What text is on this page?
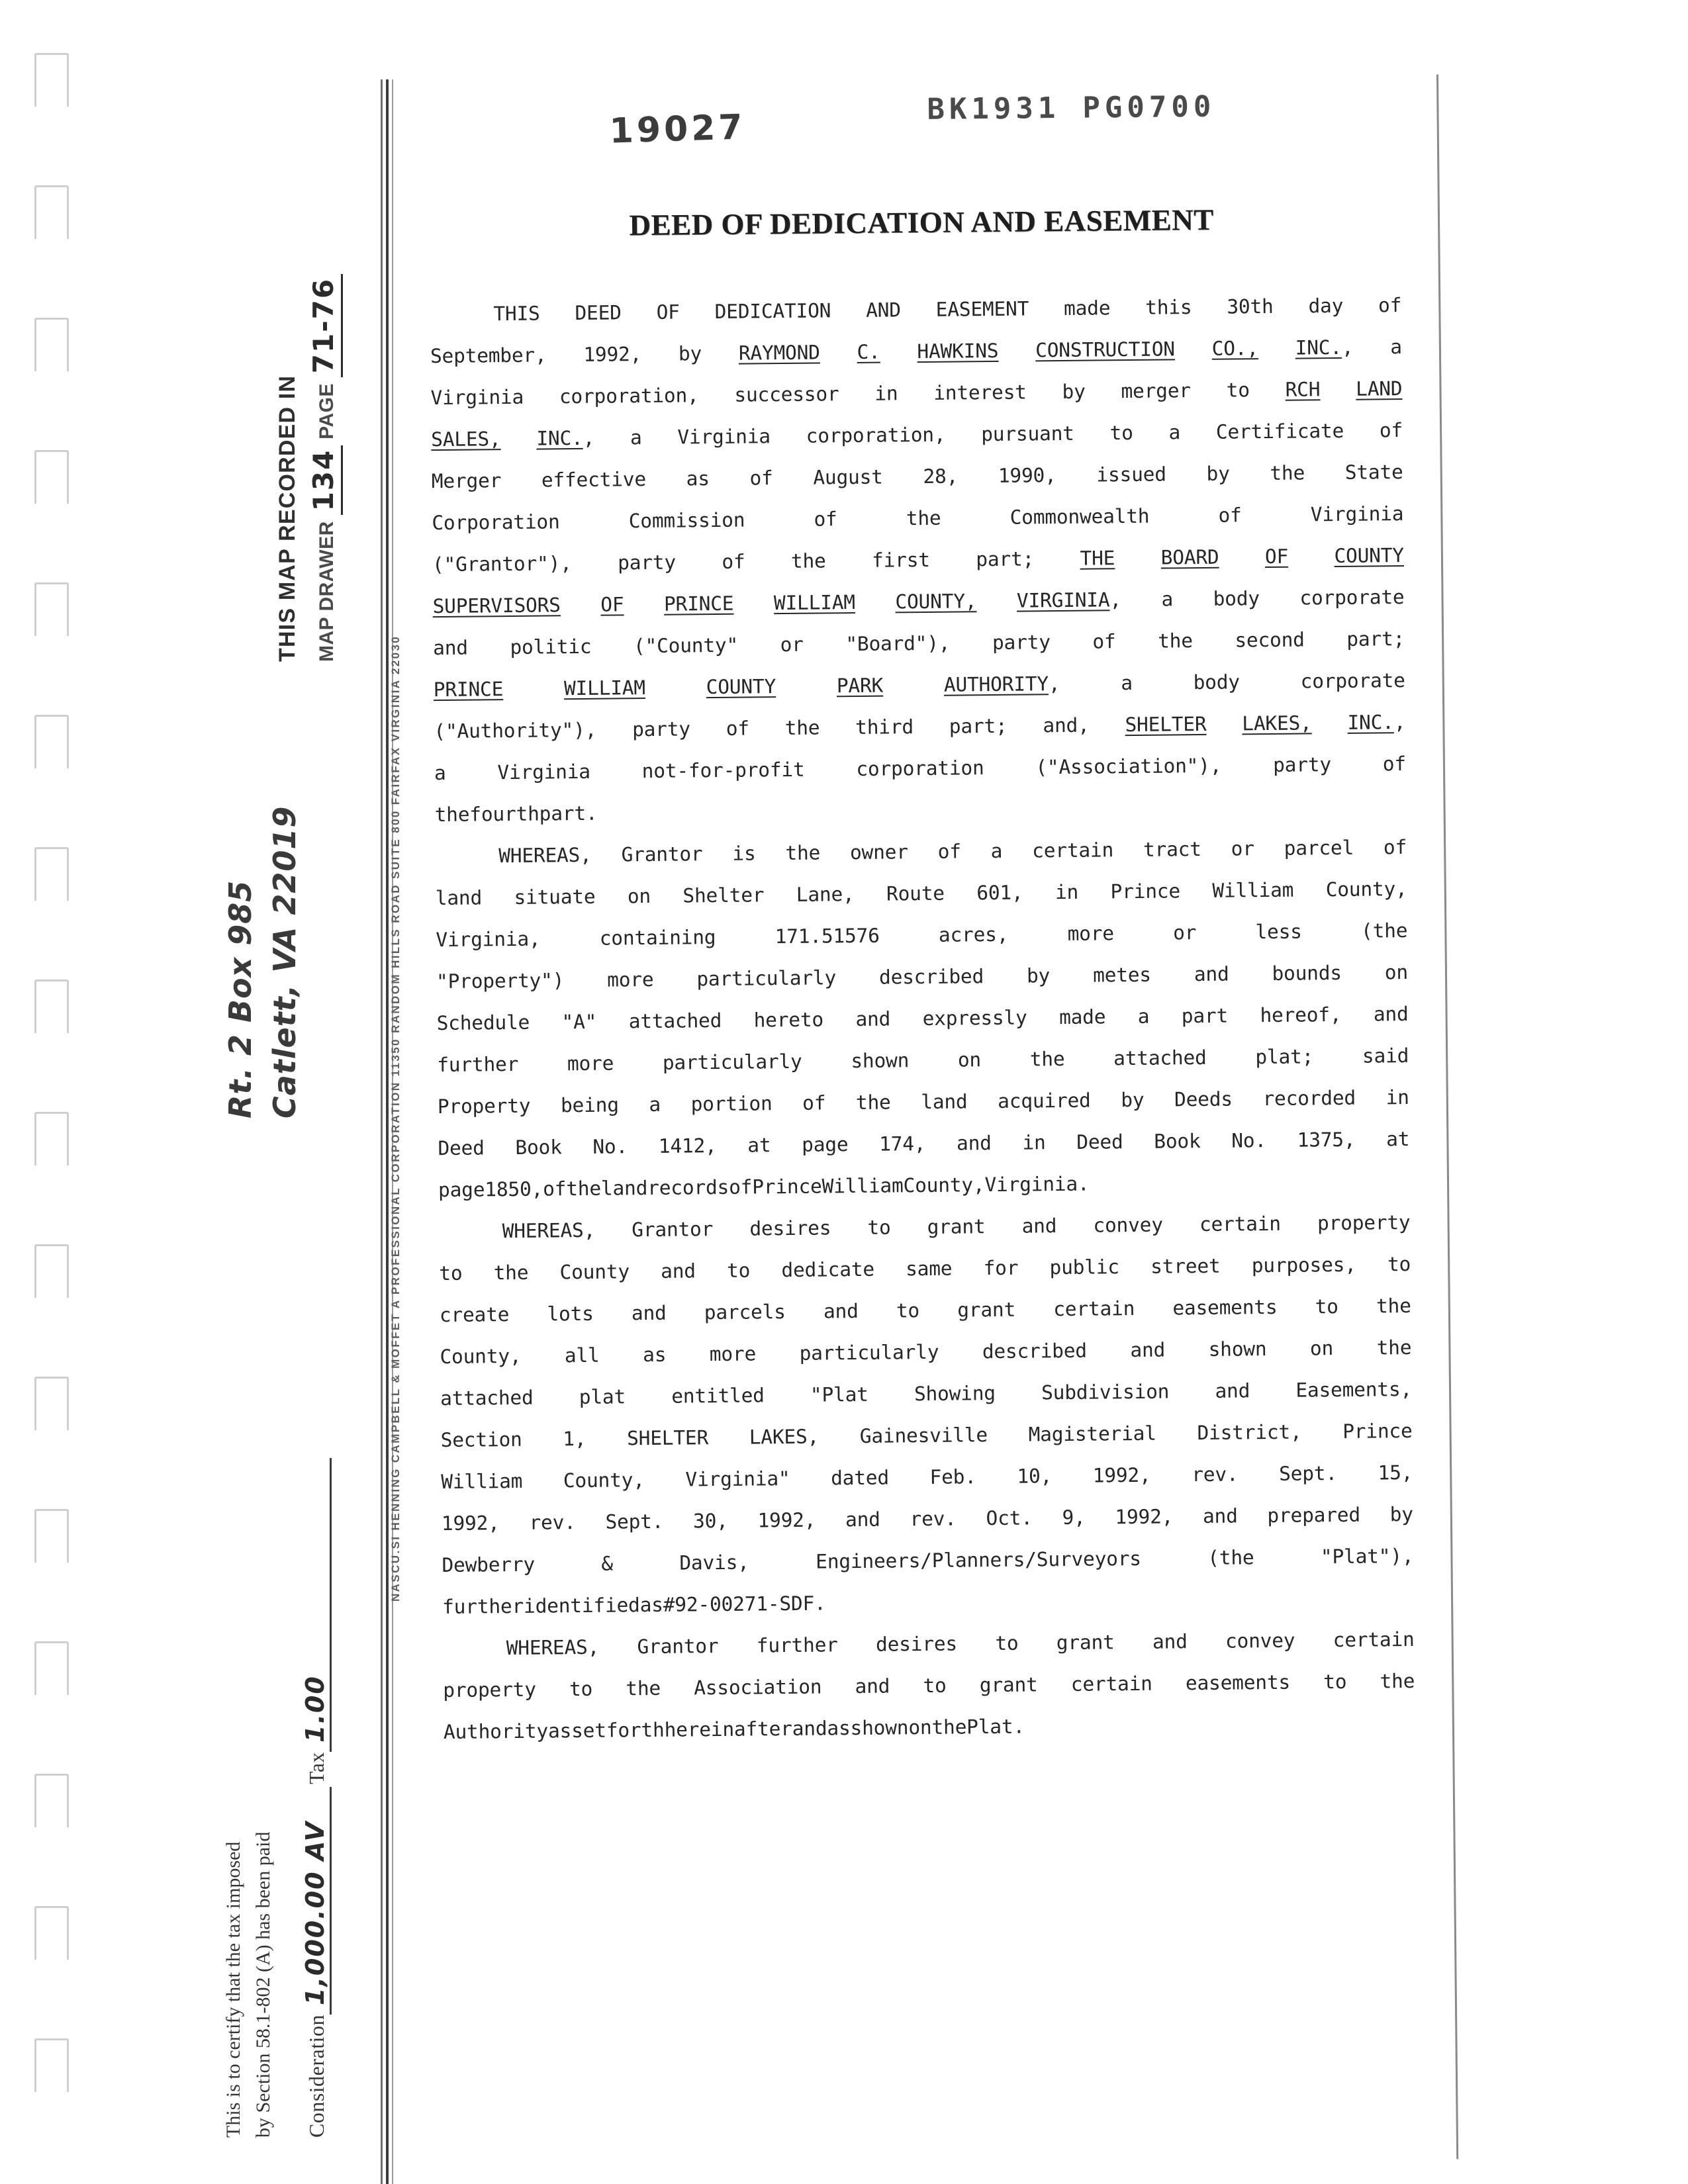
THIS MAP RECORDED IN MAP DRAWER 134 PAGE 71-76
Rt. 2 Box 985 Catlett, VA 22019	NASCU.SI HENNING CAMPBELL & MOFFET A PROFESSIONAL CORPORATION 11350 RANDOM HILLS ROAD SUITE 800 FAIRFAX VIRGINIA 22030
This is to certify that the tax imposed by Section 58.1-802 (A) has been paid Consideration1,000.00 AV Tax1.00
19027	BK1931 PG0700
DEED OF DEDICATION AND EASEMENT
THIS DEED OF DEDICATION AND EASEMENT made this 30th day of
September, 1992, by RAYMOND C. HAWKINS CONSTRUCTION CO., INC., a
Virginia corporation, successor in interest by merger to RCH LAND
SALES, INC., a Virginia corporation, pursuant to a Certificate of
Merger effective as of August 28, 1990, issued by the State
Corporation	Commission	of	the	Commonwealth	of	Virginia
("Grantor"), party of the first part; THE BOARD OF COUNTY
SUPERVISORS OF PRINCE WILLIAM COUNTY, VIRGINIA, a body corporate
and politic ("County" or "Board"), party of the second part;
PRINCE	WILLIAM	COUNTY	PARK	AUTHORITY,	a	body	corporate
("Authority"), party of the third part; and, SHELTER LAKES, INC.,
a	Virginia	not-for-profit	corporation	("Association"),	party	of
the fourth part.
WHEREAS, Grantor is the owner of a certain tract or parcel of
land situate on Shelter Lane, Route 601, in Prince William County,
Virginia,	containing	171.51576	acres,	more	or	less	(the
"Property") more particularly described by metes and bounds on
Schedule "A" attached hereto and expressly made a part hereof, and
further more particularly shown on the attached plat; said
Property being a portion of the land acquired by Deeds recorded in
Deed Book No. 1412, at page 174, and in Deed Book No. 1375, at
page 1850, of the land records of Prince William County, Virginia.
WHEREAS, Grantor desires to grant and convey certain property
to the County and to dedicate same for public street purposes, to
create lots and parcels and to grant certain easements to the
County, all as more particularly described and shown on the
attached plat entitled "Plat Showing Subdivision and Easements,
Section 1, SHELTER LAKES, Gainesville Magisterial District, Prince
William County, Virginia" dated Feb. 10, 1992, rev. Sept. 15,
1992, rev. Sept. 30, 1992, and rev. Oct. 9, 1992, and prepared by
Dewberry	&	Davis,	Engineers/Planners/Surveyors	(the	"Plat"),
further identified as #92-00271-SDF.
WHEREAS, Grantor further desires to grant and convey certain
property to the Association and to grant certain easements to the
Authority as set forth hereinafter and as shown on the Plat.
